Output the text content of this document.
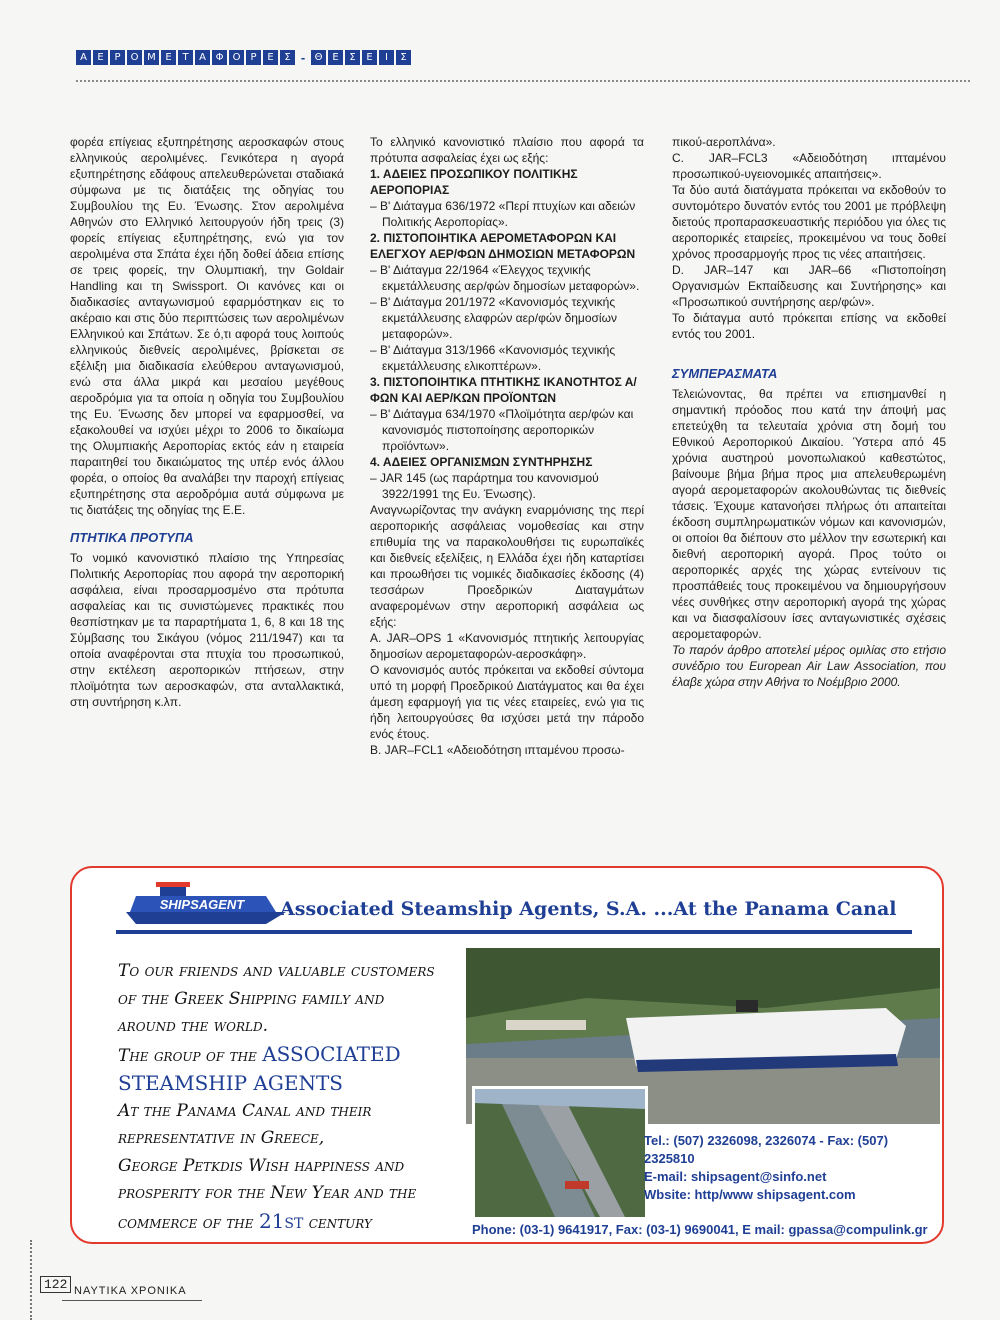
Α	Ε	Ρ	Ο Μ Ε	Τ	Α Φ Ο	Ρ	Ε	Σ - Θ Ε	Σ	Ε	Ι	Σ

φορέα επίγειας εξυπηρέτησης αεροσκαφών στους ελληνικούς αερολιμένες. Γενικότερα η αγορά εξυπηρέτησης εδάφους απελευθερώνεται σταδιακά σύμφωνα με τις διατάξεις της οδηγίας του Συμβουλίου της Ευ. Ένωσης. Στον αερολιμένα Αθηνών στο Ελληνικό λειτουργούν ήδη τρεις (3) φορείς επίγειας εξυπηρέτησης, ενώ για τον αερολιμένα στα Σπάτα έχει ήδη δοθεί άδεια επίσης σε τρεις φορείς, την Ολυμπιακή, την Goldair Handling και τη Swissport. Οι κανόνες και οι διαδικασίες ανταγωνισμού εφαρμόστηκαν εις το ακέραιο και στις δύο περιπτώσεις των αερολιμένων Ελληνικού και Σπάτων. Σε ό,τι αφορά τους λοιπούς ελληνικούς διεθνείς αερολιμένες, βρίσκεται σε εξέλιξη μια διαδικασία ελεύθερου ανταγωνισμού, ενώ στα άλλα μικρά και μεσαίου μεγέθους αεροδρόμια για τα οποία η οδηγία του Συμβουλίου της Ευ. Ένωσης δεν μπορεί να εφαρμοσθεί, να εξακολουθεί να ισχύει μέχρι το 2006 το δικαίωμα της Ολυμπιακής Αεροπορίας εκτός εάν η εταιρεία παραιτηθεί του δικαιώματος της υπέρ ενός άλλου φορέα, ο οποίος θα αναλάβει την παροχή επίγειας εξυπηρέτησης στα αεροδρόμια αυτά σύμφωνα με τις διατάξεις της οδηγίας της Ε.Ε.

ΠΤΗΤΙΚΑ ΠΡΟΤΥΠΑ

Το νομικό κανονιστικό πλαίσιο της Υπηρεσίας Πολιτικής Αεροπορίας που αφορά την αεροπορική ασφάλεια, είναι προσαρμοσμένο στα πρότυπα ασφαλείας και τις συνιστώμενες πρακτικές που θεσπίστηκαν με τα παραρτήματα 1, 6, 8 και 18 της Σύμβασης του Σικάγου (νόμος 211/1947) και τα οποία αναφέρονται στα πτυχία του προσωπικού, στην εκτέλεση αεροπορικών πτήσεων, στην πλοϊμότητα των αεροσκαφών, στα ανταλλακτικά, στη συντήρηση κ.λπ.

Το ελληνικό κανονιστικό πλαίσιο που αφορά τα πρότυπα ασφαλείας έχει ως εξής:

1. ΑΔΕΙΕΣ ΠΡΟΣΩΠΙΚΟΥ ΠΟΛΙΤΙΚΗΣ ΑΕΡΟΠΟΡΙΑΣ
– Β' Διάταγμα 636/1972 «Περί πτυχίων και αδειών Πολιτικής Αεροπορίας».
2. ΠΙΣΤΟΠΟΙΗΤΙΚΑ ΑΕΡΟΜΕΤΑΦΟΡΩΝ ΚΑΙ ΕΛΕΓΧΟΥ ΑΕΡ/ΦΩΝ ΔΗΜΟΣΙΩΝ ΜΕΤΑΦΟΡΩΝ
– Β' Διάταγμα 22/1964 «Έλεγχος τεχνικής εκμετάλλευσης αερ/φών δημοσίων μεταφορών».
– Β' Διάταγμα 201/1972 «Κανονισμός τεχνικής εκμετάλλευσης ελαφρών αερ/φών δημοσίων μεταφορών».
– Β' Διάταγμα 313/1966 «Κανονισμός τεχνικής εκμετάλλευσης ελικοπτέρων».
3. ΠΙΣΤΟΠΟΙΗΤΙΚΑ ΠΤΗΤΙΚΗΣ ΙΚΑΝΟΤΗΤΟΣ Α/ΦΩΝ ΚΑΙ ΑΕΡ/ΚΩΝ ΠΡΟΪΟΝΤΩΝ
– Β' Διάταγμα 634/1970 «Πλοϊμότητα αερ/φών και κανονισμός πιστοποίησης αεροπορικών προϊόντων».
4. ΑΔΕΙΕΣ ΟΡΓΑΝΙΣΜΩΝ ΣΥΝΤΗΡΗΣΗΣ
– JAR 145 (ως παράρτημα του κανονισμού 3922/1991 της Ευ. Ένωσης).

Αναγνωρίζοντας την ανάγκη εναρμόνισης της περί αεροπορικής ασφάλειας νομοθεσίας και στην επιθυμία της να παρακολουθήσει τις ευρωπαϊκές και διεθνείς εξελίξεις, η Ελλάδα έχει ήδη καταρτίσει και προωθήσει τις νομικές διαδικασίες έκδοσης (4) τεσσάρων Προεδρικών Διαταγμάτων αναφερομένων στην αεροπορική ασφάλεια ως εξής:

A. JAR–OPS 1 «Κανονισμός πτητικής λειτουργίας δημοσίων αερομεταφορών-αεροσκάφη».

Ο κανονισμός αυτός πρόκειται να εκδοθεί σύντομα υπό τη μορφή Προεδρικού Διατάγματος και θα έχει άμεση εφαρμογή για τις νέες εταιρείες, ενώ για τις ήδη λειτουργούσες θα ισχύσει μετά την πάροδο ενός έτους.

B. JAR–FCL1 «Αδειοδότηση ιπταμένου προσω-

πικού-αεροπλάνα».

C. JAR–FCL3 «Αδειοδότηση ιπταμένου προσωπικού-υγειονομικές απαιτήσεις».

Τα δύο αυτά διατάγματα πρόκειται να εκδοθούν το συντομότερο δυνατόν εντός του 2001 με πρόβλεψη διετούς προπαρασκευαστικής περιόδου για όλες τις αεροπορικές εταιρείες, προκειμένου να τους δοθεί χρόνος προσαρμογής προς τις νέες απαιτήσεις.

D. JAR–147 και JAR–66 «Πιστοποίηση Οργανισμών Εκπαίδευσης και Συντήρησης» και «Προσωπικού συντήρησης αερ/φών».

Το διάταγμα αυτό πρόκειται επίσης να εκδοθεί εντός του 2001.

ΣΥΜΠΕΡΑΣΜΑΤΑ

Τελειώνοντας, θα πρέπει να επισημανθεί η σημαντική πρόοδος που κατά την άποψή μας επετεύχθη τα τελευταία χρόνια στη δομή του Εθνικού Αεροπορικού Δικαίου. Ύστερα από 45 χρόνια αυστηρού μονοπωλιακού καθεστώτος, βαίνουμε βήμα βήμα προς μια απελευθερωμένη αγορά αερομεταφορών ακολουθώντας τις διεθνείς τάσεις. Έχουμε κατανοήσει πλήρως ότι απαιτείται έκδοση συμπληρωματικών νόμων και κανονισμών, οι οποίοι θα διέπουν στο μέλλον την εσωτερική και διεθνή αεροπορική αγορά. Προς τούτο οι αεροπορικές αρχές της χώρας εντείνουν τις προσπάθειές τους προκειμένου να δημιουργήσουν νέες συνθήκες στην αεροπορική αγορά της χώρας και να διασφαλίσουν ίσες ανταγωνιστικές σχέσεις αερομεταφορών.

Το παρόν άρθρο αποτελεί μέρος ομιλίας στο ετήσιο συνέδριο του European Air Law Association, που έλαβε χώρα στην Αθήνα το Νοέμβριο 2000.

SHIPSAGENT Associated Steamship Agents, S.A. ...At the Panama Canal
To our friends and valuable customers
of the Greek Shipping family and
around the world.
The group of the ASSOCIATED
STEAMSHIP AGENTS
At the Panama Canal and their
representative in Greece,
George Petkdis Wish happiness and
prosperity for the New Year and the
commerce of the 21st century
Tel.: (507) 2326098, 2326074 - Fax: (507) 2325810
E-mail: shipsagent@sinfo.net
Wbsite: http/www shipsagent.com
Phone: (03-1) 9641917, Fax: (03-1) 9690041, E mail: gpassa@compulink.gr
122 ΝΑΥΤΙΚΑ ΧΡΟΝΙΚΑ
